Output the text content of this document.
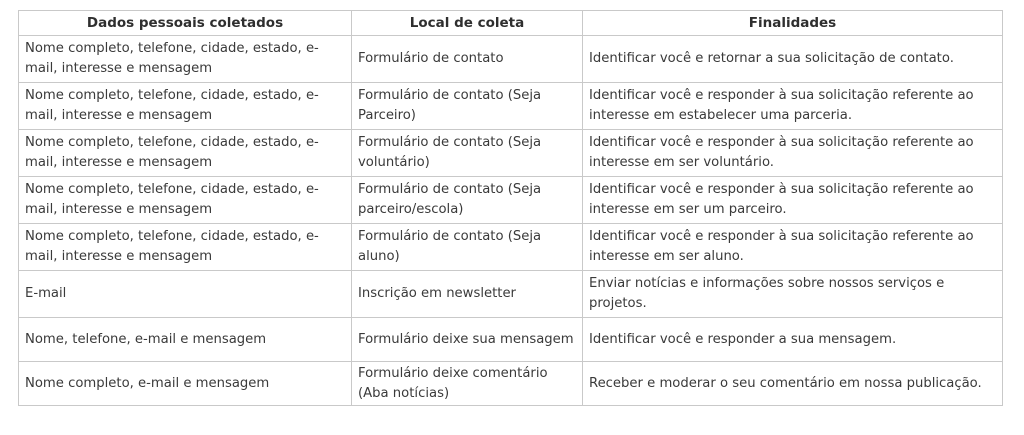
Dados pessoais coletados	Local de coleta	Finalidades
Nome completo, telefone, cidade, estado, e-mail, interesse e mensagem	Formulário de contato	Identificar você e retornar a sua solicitação de contato.
Nome completo, telefone, cidade, estado, e-mail, interesse e mensagem	Formulário de contato (Seja Parceiro)	Identificar você e responder à sua solicitação referente ao interesse em estabelecer uma parceria.
Nome completo, telefone, cidade, estado, e-mail, interesse e mensagem	Formulário de contato (Seja voluntário)	Identificar você e responder à sua solicitação referente ao interesse em ser voluntário.
Nome completo, telefone, cidade, estado, e-mail, interesse e mensagem	Formulário de contato (Seja parceiro/escola)	Identificar você e responder à sua solicitação referente ao interesse em ser um parceiro.
Nome completo, telefone, cidade, estado, e-mail, interesse e mensagem	Formulário de contato (Seja aluno)	Identificar você e responder à sua solicitação referente ao interesse em ser aluno.
E-mail	Inscrição em newsletter	Enviar notícias e informações sobre nossos serviços e projetos.
Nome, telefone, e-mail e mensagem	Formulário deixe sua mensagem	Identificar você e responder a sua mensagem.
Nome completo, e-mail e mensagem	Formulário deixe comentário (Aba notícias)	Receber e moderar o seu comentário em nossa publicação.
